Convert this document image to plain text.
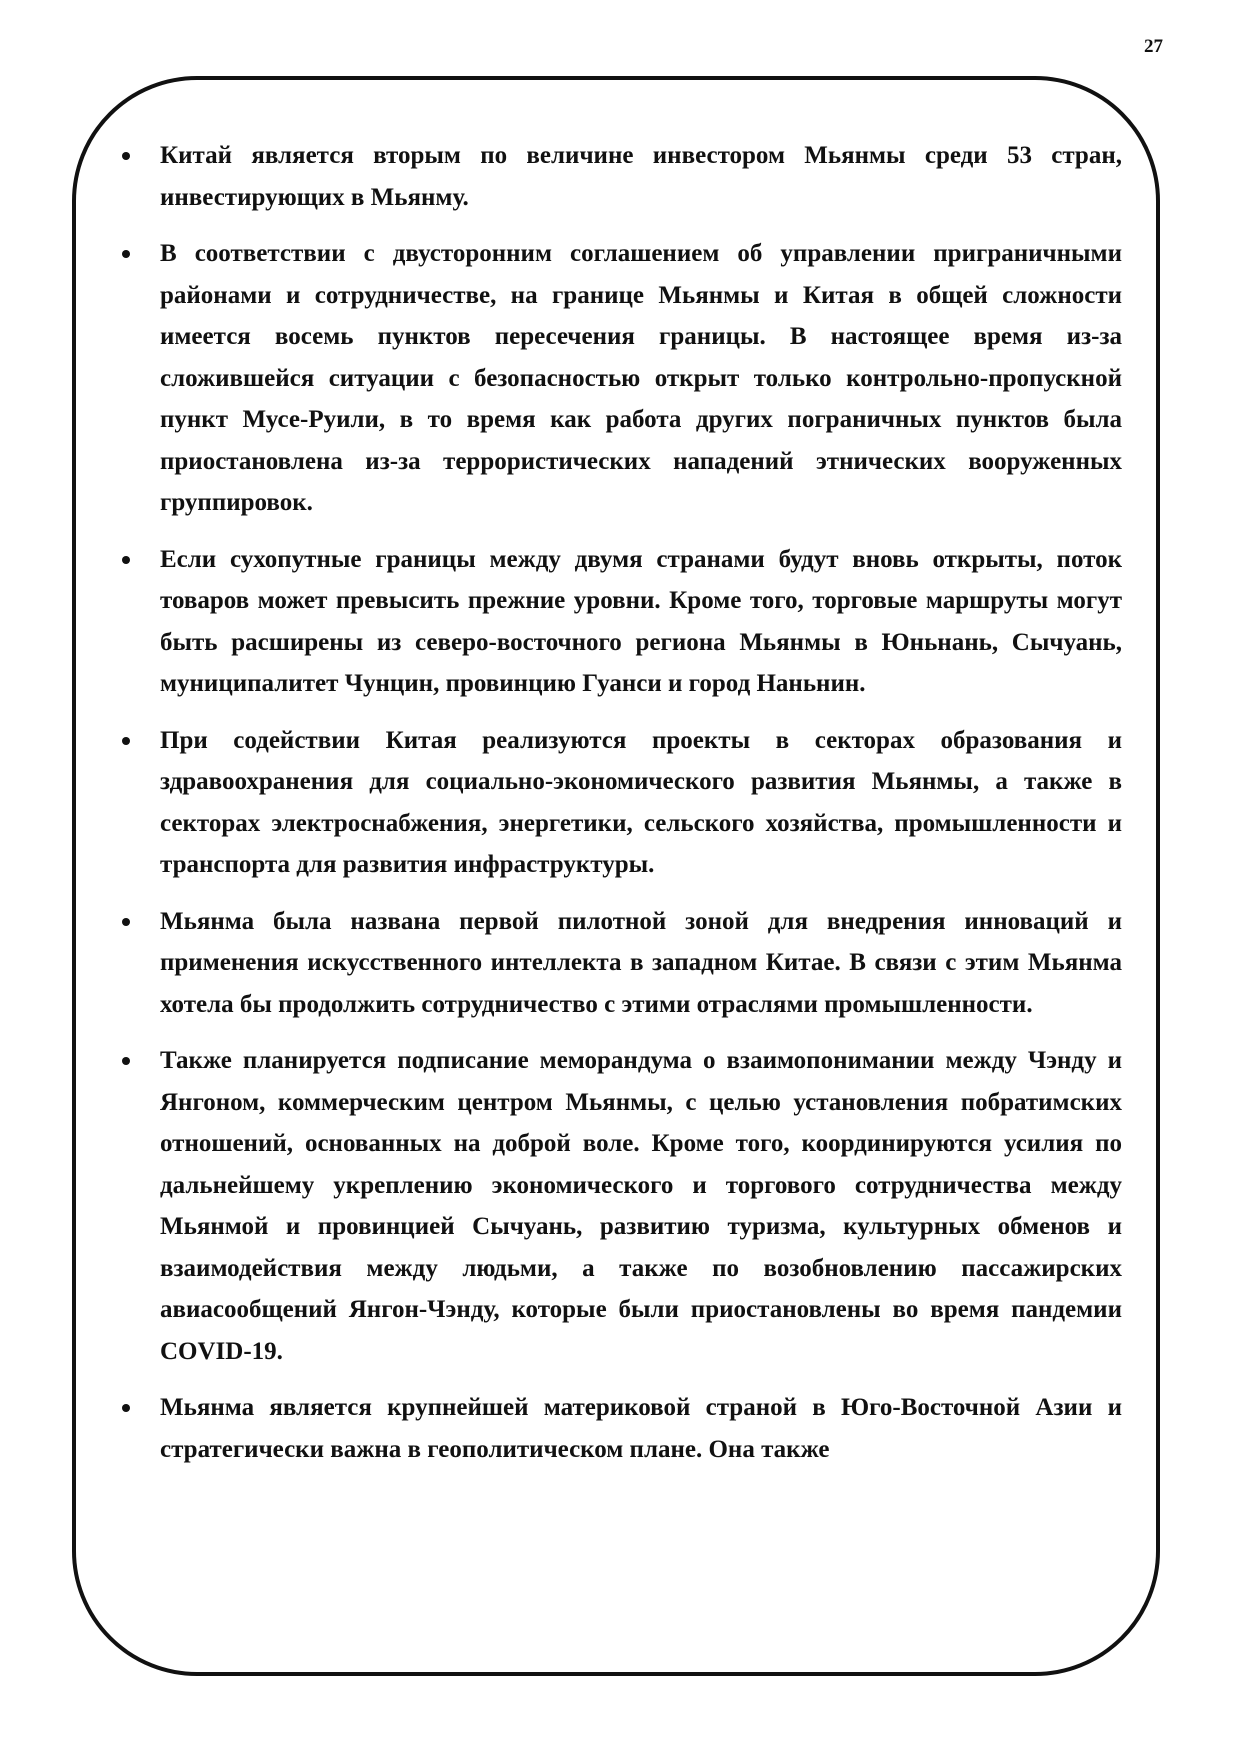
27
Китай является вторым по величине инвестором Мьянмы среди 53 стран, инвестирующих в Мьянму.
В соответствии с двусторонним соглашением об управлении приграничными районами и сотрудничестве, на границе Мьянмы и Китая в общей сложности имеется восемь пунктов пересечения границы. В настоящее время из-за сложившейся ситуации с безопасностью открыт только контрольно-пропускной пункт Мусе-Руили, в то время как работа других пограничных пунктов была приостановлена из-за террористических нападений этнических вооруженных группировок.
Если сухопутные границы между двумя странами будут вновь открыты, поток товаров может превысить прежние уровни. Кроме того, торговые маршруты могут быть расширены из северо-восточного региона Мьянмы в Юньнань, Сычуань, муниципалитет Чунцин, провинцию Гуанси и город Наньнин.
При содействии Китая реализуются проекты в секторах образования и здравоохранения для социально-экономического развития Мьянмы, а также в секторах электроснабжения, энергетики, сельского хозяйства, промышленности и транспорта для развития инфраструктуры.
Мьянма была названа первой пилотной зоной для внедрения инноваций и применения искусственного интеллекта в западном Китае. В связи с этим Мьянма хотела бы продолжить сотрудничество с этими отраслями промышленности.
Также планируется подписание меморандума о взаимопонимании между Чэнду и Янгоном, коммерческим центром Мьянмы, с целью установления побратимских отношений, основанных на доброй воле. Кроме того, координируются усилия по дальнейшему укреплению экономического и торгового сотрудничества между Мьянмой и провинцией Сычуань, развитию туризма, культурных обменов и взаимодействия между людьми, а также по возобновлению пассажирских авиасообщений Янгон-Чэнду, которые были приостановлены во время пандемии COVID-19.
Мьянма является крупнейшей материковой страной в Юго-Восточной Азии и стратегически важна в геополитическом плане. Она также
